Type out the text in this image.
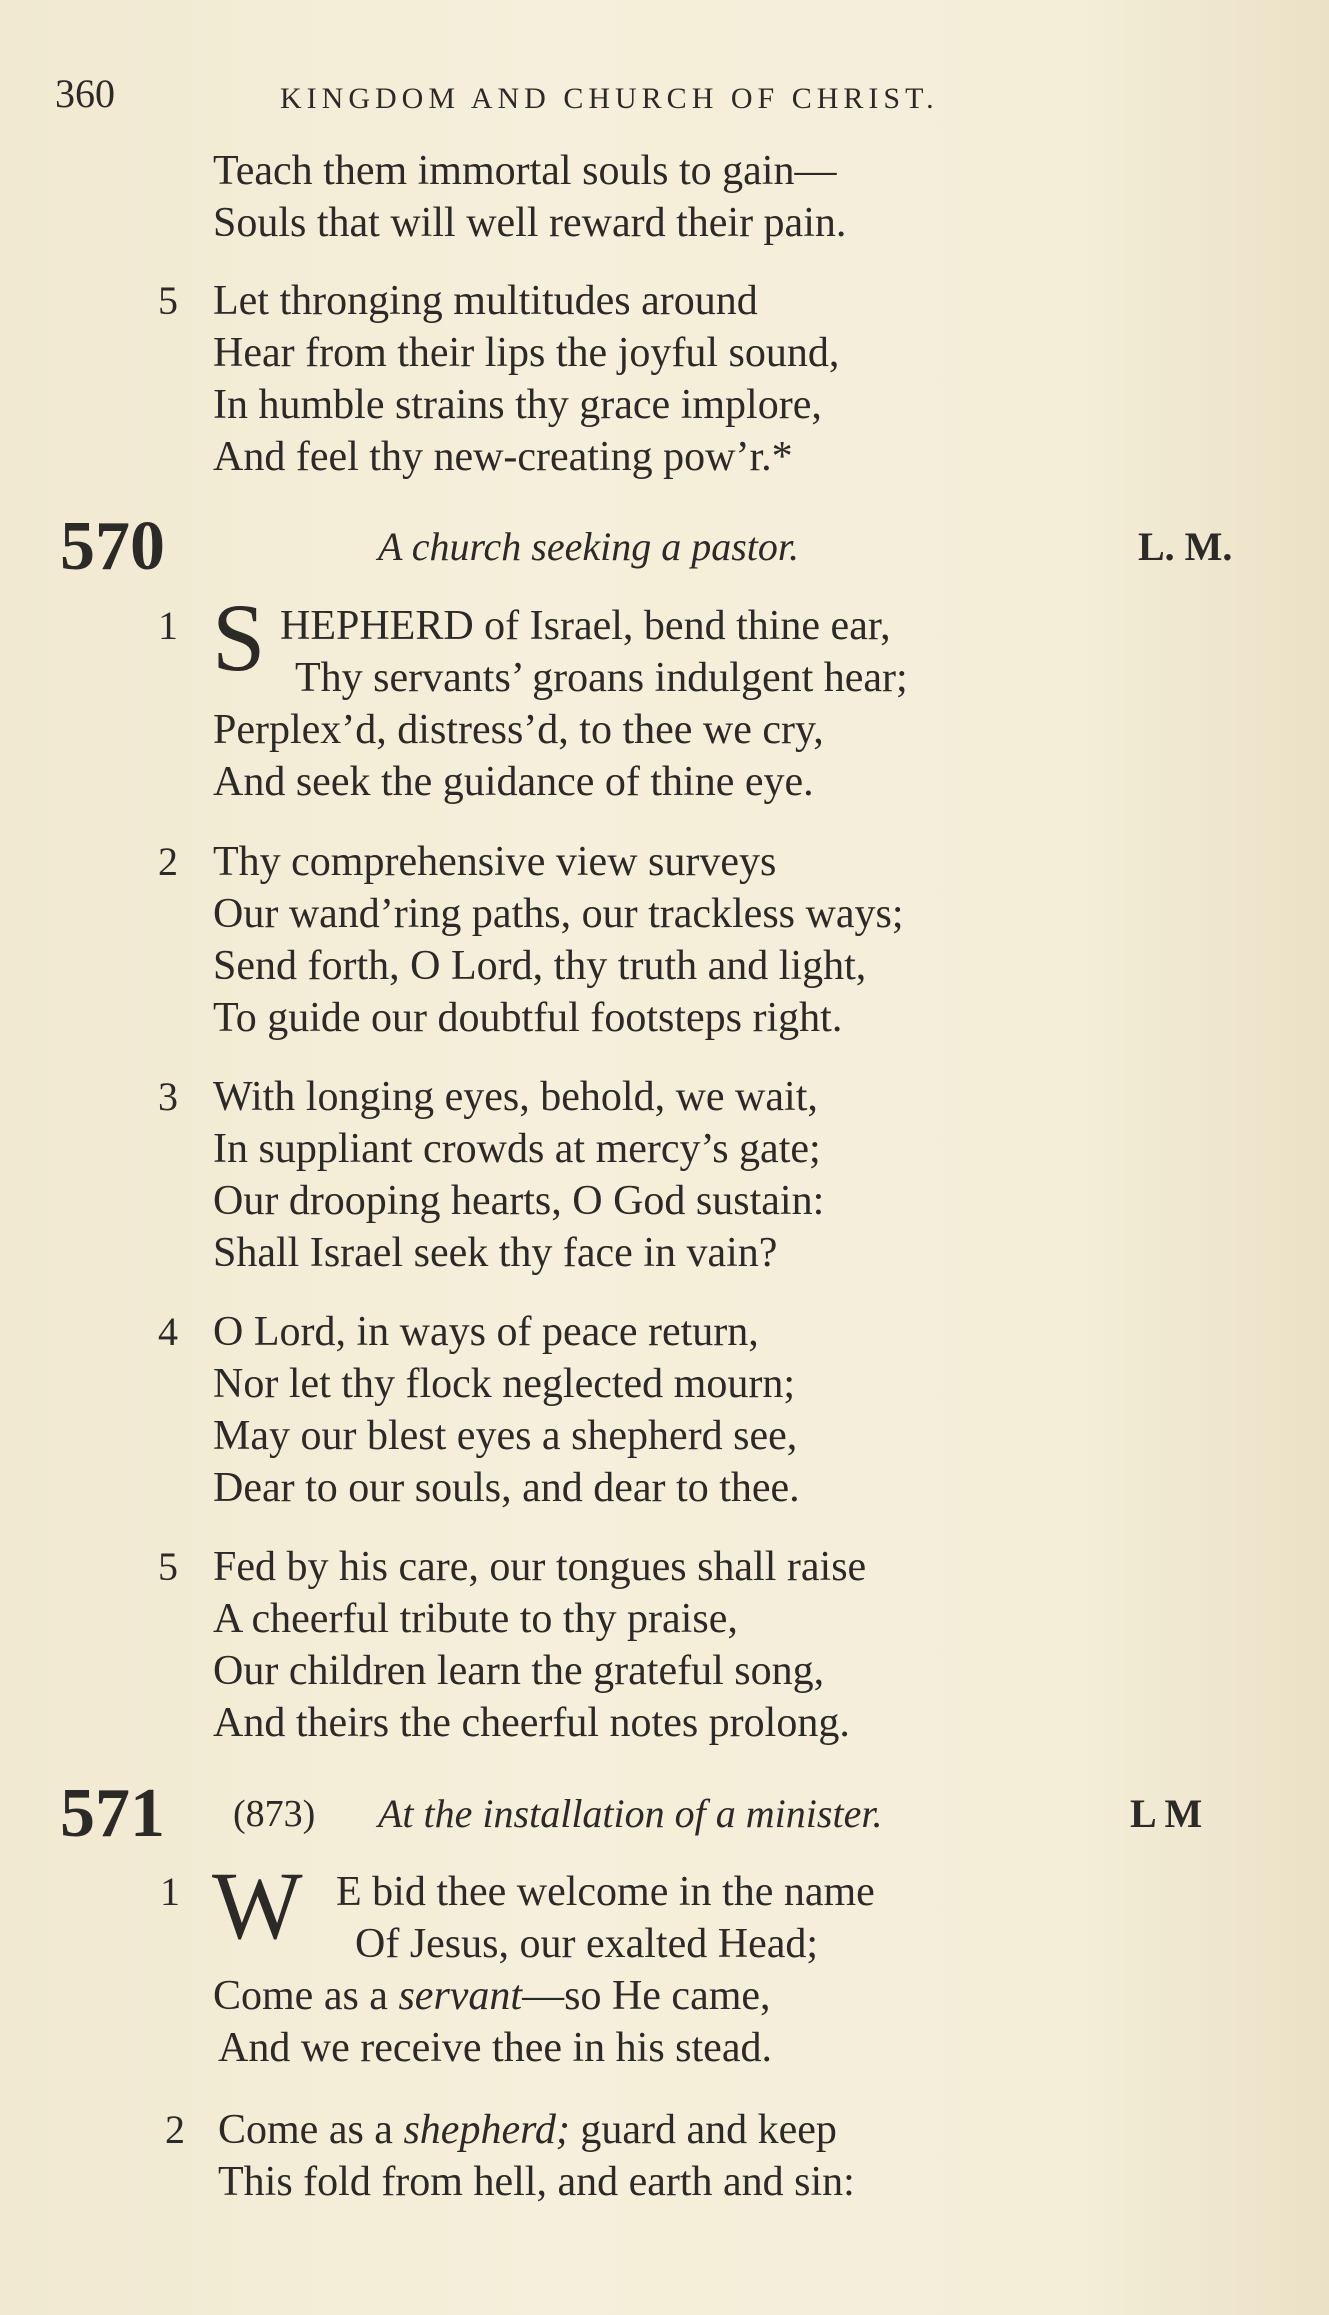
360	KINGDOM AND CHURCH OF CHRIST.
Teach them immortal souls to gain—
Souls that will well reward their pain.
5 Let thronging multitudes around
Hear from their lips the joyful sound,
In humble strains thy grace implore,
And feel thy new-creating pow’r.*
570	A church seeking a pastor.	L. M.
1 S HEPHERD of Israel, bend thine ear,
Thy servants’ groans indulgent hear;
Perplex’d, distress’d, to thee we cry,
And seek the guidance of thine eye.
2 Thy comprehensive view surveys
Our wand’ring paths, our trackless ways;
Send forth, O Lord, thy truth and light,
To guide our doubtful footsteps right.
3 With longing eyes, behold, we wait,
In suppliant crowds at mercy’s gate;
Our drooping hearts, O God sustain:
Shall Israel seek thy face in vain?
4 O Lord, in ways of peace return,
Nor let thy flock neglected mourn;
May our blest eyes a shepherd see,
Dear to our souls, and dear to thee.
5 Fed by his care, our tongues shall raise
A cheerful tribute to thy praise,
Our children learn the grateful song,
And theirs the cheerful notes prolong.
571 (873) At the installation of a minister.	L M
1 W E bid thee welcome in the name
Of Jesus, our exalted Head;
Come as a servant—so He came,
And we receive thee in his stead.
2 Come as a shepherd; guard and keep
This fold from hell, and earth and sin:
